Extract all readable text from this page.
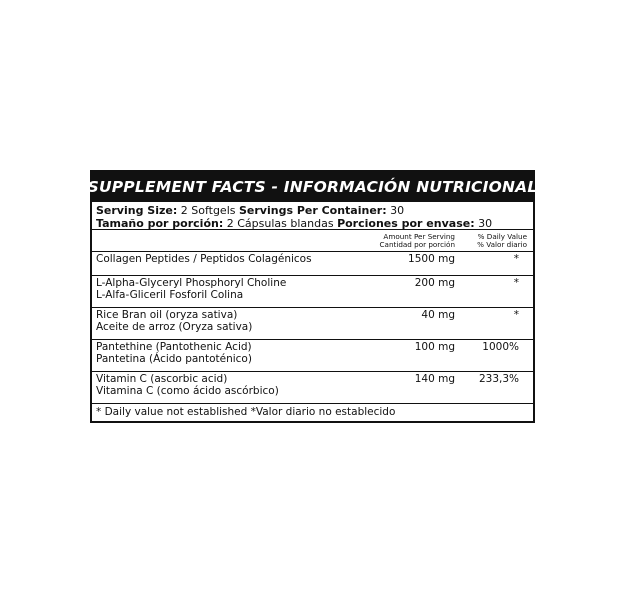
SUPPLEMENT FACTS - INFORMACIÓN NUTRICIONAL
Serving Size: 2 Softgels Servings Per Container: 30
Tamaño por porción: 2 Cápsulas blandas Porciones por envase: 30
Amount Per Serving
Cantidad por porción
% Daily Value
% Valor diario
Collagen Peptides / Peptidos Colagénicos	1500 mg	*
L-Alpha-Glyceryl Phosphoryl Choline
L-Alfa-Gliceril Fosforil Colina
200 mg	*
Rice Bran oil (oryza sativa)
Aceite de arroz (Oryza sativa)
40 mg	*
Pantethine (Pantothenic Acid)
Pantetina (Ácido pantoténico)
100 mg	1000%
Vitamin C (ascorbic acid)
Vitamina C (como ácido ascórbico)
140 mg 233,3%
* Daily value not established *Valor diario no establecido
